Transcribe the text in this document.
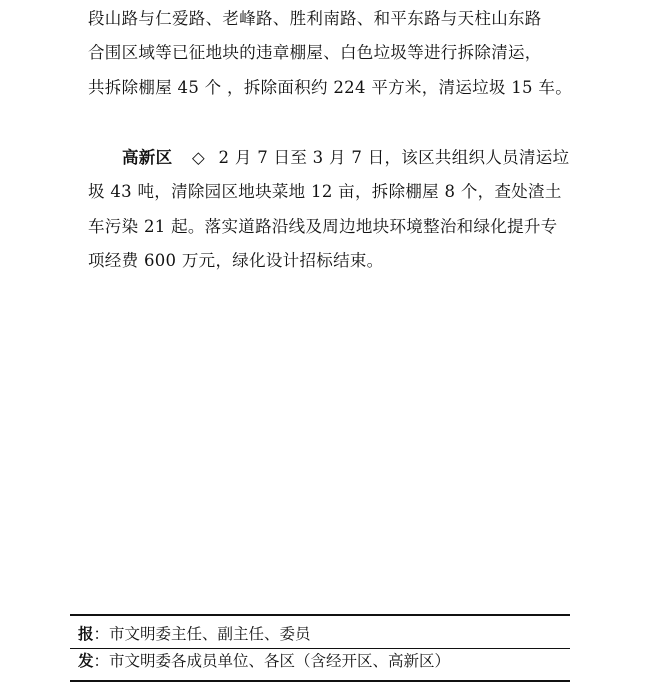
段山路与仁爱路、老峰路、胜利南路、和平东路与天柱山东路
合围区域等已征地块的违章棚屋、白色垃圾等进行拆除清运，
共拆除棚屋 45 个 ，拆除面积约 224 平方米，清运垃圾 15 车。
高新区 ◇ 2 月 7 日至 3 月 7 日，该区共组织人员清运垃
圾 43 吨，清除园区地块菜地 12 亩，拆除棚屋 8 个，查处渣土
车污染 21 起。落实道路沿线及周边地块环境整治和绿化提升专
项经费 600 万元，绿化设计招标结束。
报：市文明委主任、副主任、委员
发：市文明委各成员单位、各区（含经开区、高新区）
